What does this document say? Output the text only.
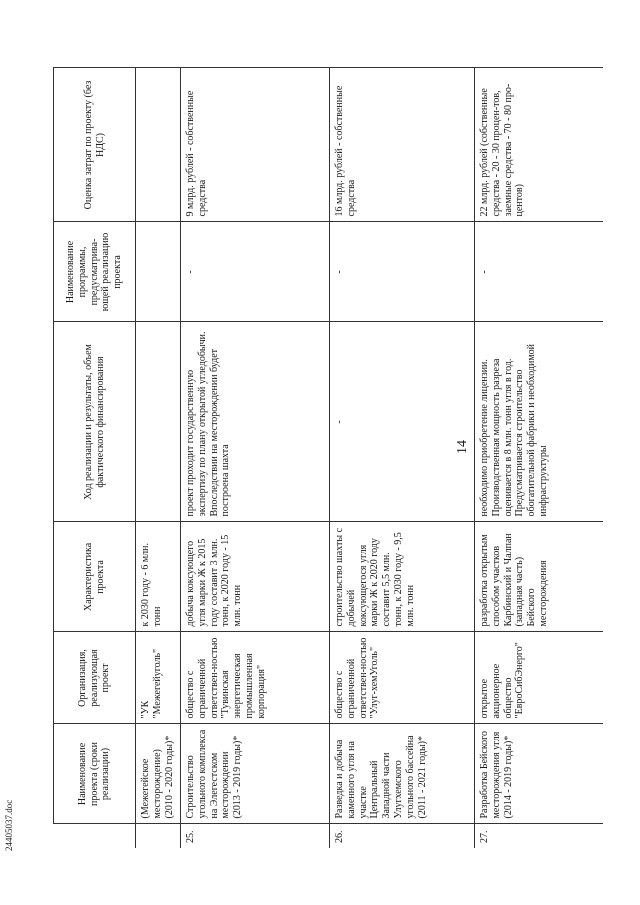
14
24405037.doc
	Наименование проекта (сроки реализации)	Организация, реализующая проект	Характеристика проекта	Ход реализации и результаты, объем фактического финансирования	Наименование программы, предусматрива-ющей реализацию проекта	Оценка затрат по проекту (без НДС)
	(Межегейское месторождение) (2010 - 2020 годы)*	"УК "Межегейуголь"	к 2030 году - 6 млн. тонн			
25.	Строительство угольного комплекса на Элегестском месторождении (2013 - 2019 годы)*	общество с ограниченной ответствен-ностью "Тувинская энергетическая промышленная корпорация"	добыча коксующего угля марки Ж к 2015 году составит 3 млн. тонн, к 2020 году - 15 млн. тонн	проект проходит государственную экспертизу по плану открытой угледобычи. Впоследствии на месторождении будет построена шахта	-	9 млрд. рублей - собственные средства
26.	Разведка и добыча каменного угля на участке Центральный Западной части Улугхемского угольного бассейна (2011 - 2021 годы)*	общество с ограниченной ответствен-ностью "Улуг-хемУголь"	строительство шахты с добычей коксующегося угля марки Ж к 2020 году составит 5,5 млн. тонн, к 2030 году - 9,5 млн. тонн	-	-	16 млрд. рублей - собственные средства
27.	Разработка Бейского месторождения угля (2014 - 2019 годы)*	открытое акционерное общество "ЕвроСибЭнерго"	разработка открытым способом участков Карбинский и Чалпан (западная часть) Бейского месторождения	необходимо приобретение лицензии. Производственная мощность разреза оценивается в 8 млн. тонн угля в год. Предусматривается строительство обогатительной фабрики и необходимой инфраструктуры	-	22 млрд. рублей (собственные средства - 20 - 30 процен-тов, заемные средства - 70 - 80 про-центов)
